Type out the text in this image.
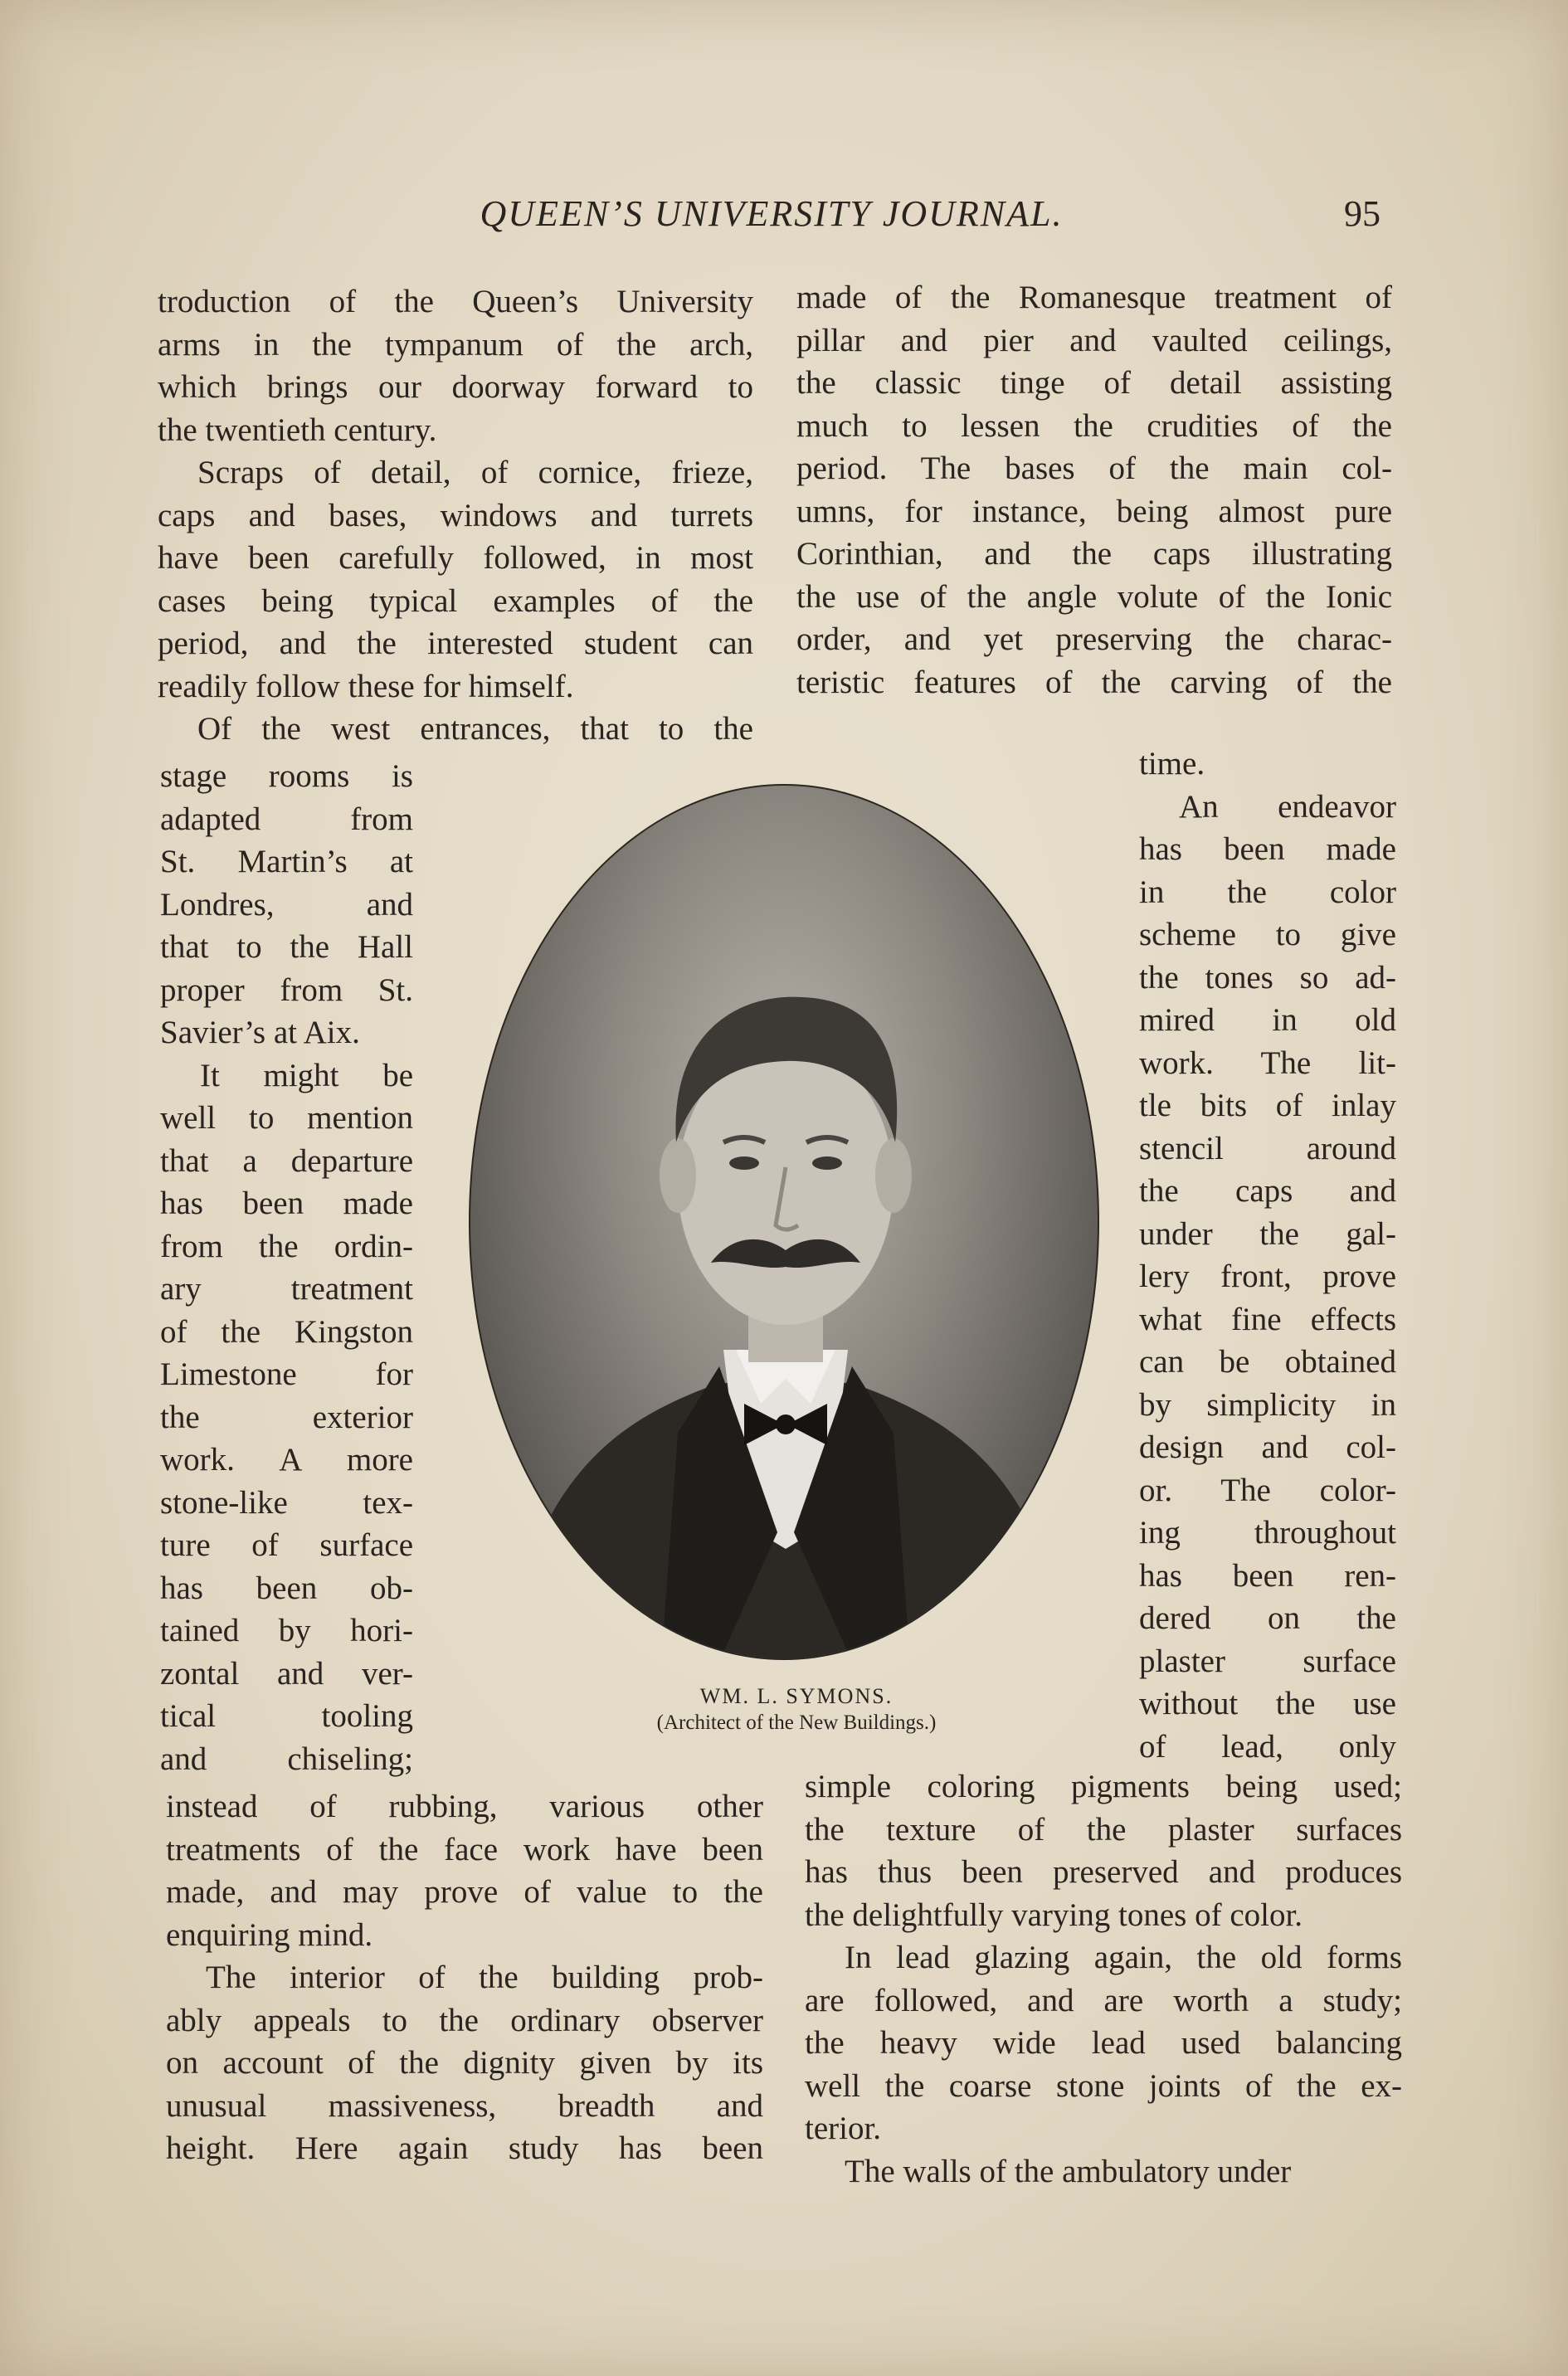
QUEEN’S UNIVERSITY JOURNAL.	95
troduction of the Queen’s University
arms in the tympanum of the arch,
which brings our doorway forward to
the twentieth century.
Scraps of detail, of cornice, frieze,
caps and bases, windows and turrets
have been carefully followed, in most
cases being typical examples of the
period, and the interested student can
readily follow these for himself.
Of the west entrances, that to the
stage rooms is
adapted from
St. Martin’s at
Londres, and
that to the Hall
proper from St.
Savier’s at Aix.
It might be
well to mention
that a departure
has been made
from the ordin-
ary treatment
of the Kingston
Limestone for
the exterior
work. A more
stone-like tex-
ture of surface
has been ob-
tained by hori-
zontal and ver-
tical tooling
and chiseling;
instead of rubbing, various other
treatments of the face work have been
made, and may prove of value to the
enquiring mind.
The interior of the building prob-
ably appeals to the ordinary observer
on account of the dignity given by its
unusual massiveness, breadth and
height. Here again study has been
made of the Romanesque treatment of
pillar and pier and vaulted ceilings,
the classic tinge of detail assisting
much to lessen the crudities of the
period. The bases of the main col-
umns, for instance, being almost pure
Corinthian, and the caps illustrating
the use of the angle volute of the Ionic
order, and yet preserving the charac-
teristic features of the carving of the
time.
An endeavor
has been made
in the color
scheme to give
the tones so ad-
mired in old
work. The lit-
tle bits of inlay
stencil around
the caps and
under the gal-
lery front, prove
what fine effects
can be obtained
by simplicity in
design and col-
or. The color-
ing throughout
has been ren-
dered on the
plaster surface
without the use
of lead, only
simple coloring pigments being used;
the texture of the plaster surfaces
has thus been preserved and produces
the delightfully varying tones of color.
In lead glazing again, the old forms
are followed, and are worth a study;
the heavy wide lead used balancing
well the coarse stone joints of the ex-
terior.
The walls of the ambulatory under
WM. L. SYMONS.
(Architect of the New Buildings.)
